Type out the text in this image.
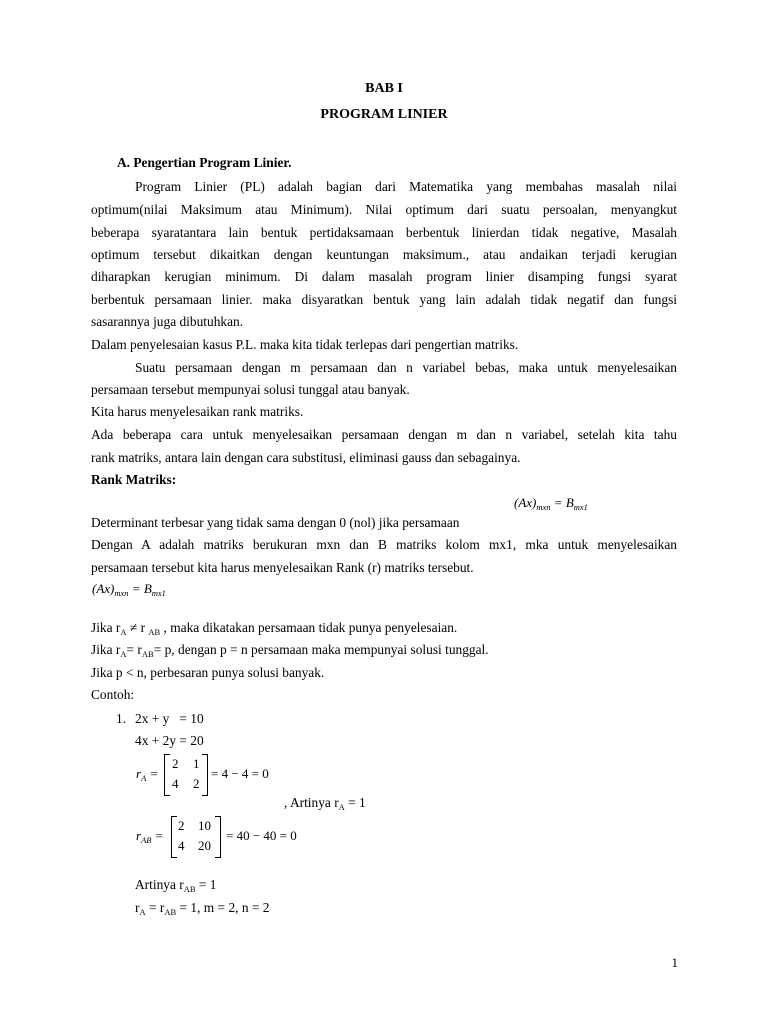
BAB I
PROGRAM LINIER
A. Pengertian Program Linier.
Program Linier (PL) adalah bagian dari Matematika yang membahas masalah nilai
optimum(nilai Maksimum atau Minimum). Nilai optimum dari suatu persoalan, menyangkut
beberapa syaratantara lain bentuk pertidaksamaan berbentuk linierdan tidak negative, Masalah
optimum tersebut dikaitkan dengan keuntungan maksimum., atau andaikan terjadi kerugian
diharapkan kerugian minimum. Di dalam masalah program linier disamping fungsi syarat
berbentuk persamaan linier. maka disyaratkan bentuk yang lain adalah tidak negatif dan fungsi
sasarannya juga dibutuhkan.
Dalam penyelesaian kasus P.L. maka kita tidak terlepas dari pengertian matriks.
Suatu persamaan dengan m persamaan dan n variabel bebas, maka untuk menyelesaikan
persamaan tersebut mempunyai solusi tunggal atau banyak.
Kita harus menyelesaikan rank matriks.
Ada beberapa cara untuk menyelesaikan persamaan dengan m dan n variabel, setelah kita tahu
rank matriks, antara lain dengan cara substitusi, eliminasi gauss dan sebagainya.
Rank Matriks:
$(Ax)_{mxn} = B_{mx1}$
Determinant terbesar yang tidak sama dengan 0 (nol) jika persamaan
Dengan A adalah matriks berukuran mxn dan B matriks kolom mx1, mka untuk menyelesaikan
persamaan tersebut kita harus menyelesaikan Rank (r) matriks tersebut.
$(Ax)_{mxn} = B_{mx1}$
Jika $r_A \ne r$ $_{AB}$ , maka dikatakan persamaan tidak punya penyelesaian.
Jika $r_A= r_{AB}= p$, dengan p = n persamaan maka mempunyai solusi tunggal.
Jika p < n, perbesaran punya solusi banyak.
Contoh:
1. 2x + y   = 10
4x + 2y = 20
$r_A$ =
2 1
4 2
= 4 − 4 = 0
, Artinya $r_A = 1$
$r_{AB}$ =
2 10
4 20
= 40 − 40 = 0
Artinya $r_{AB} = 1$
$r_A = r_{AB} = 1$, m = 2, n = 2
1
